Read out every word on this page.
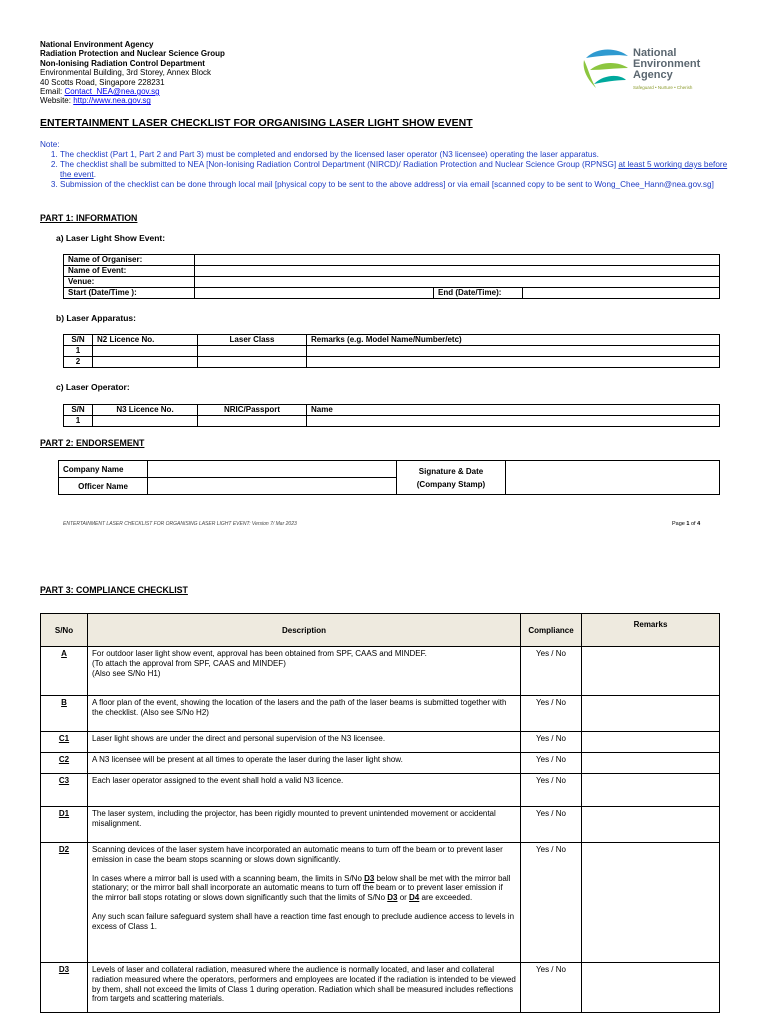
National Environment Agency
Radiation Protection and Nuclear Science Group
Non-Ionising Radiation Control Department
Environmental Building, 3rd Storey, Annex Block
40 Scotts Road, Singapore 228231
Email: Contact_NEA@nea.gov.sg
Website: http://www.nea.gov.sg
National
Environment
Agency
Safeguard • Nurture • Cherish
ENTERTAINMENT LASER CHECKLIST FOR ORGANISING LASER LIGHT SHOW EVENT
Note:
1. The checklist (Part 1, Part 2 and Part 3) must be completed and endorsed by the licensed laser operator (N3 licensee) operating the laser apparatus.
2. The checklist shall be submitted to NEA [Non-Ionising Radiation Control Department (NIRCD)/ Radiation Protection and Nuclear Science Group (RPNSG] at least 5 working days before the event.
3. Submission of the checklist can be done through local mail [physical copy to be sent to the above address] or via email [scanned copy to be sent to Wong_Chee_Hann@nea.gov.sg]
PART 1: INFORMATION
a) Laser Light Show Event:
Name of Organiser:			
Name of Event:			
Venue:			
Start (Date/Time ):		End (Date/Time):	
b) Laser Apparatus:
S/N	N2 Licence No.	Laser Class	Remarks (e.g. Model Name/Number/etc)
1			
2			
c) Laser Operator:
S/N	N3 Licence No.	NRIC/Passport	Name
1			
PART 2: ENDORSEMENT
Company Name		Signature & Date
(Company Stamp)	

Officer Name			
ENTERTAINMENT LASER CHECKLIST FOR ORGANISING LASER LIGHT EVENT: Version 7/ Mar 2023	Page 1 of 4
PART 3: COMPLIANCE CHECKLIST
S/No	Description	Compliance	Remarks
A	For outdoor laser light show event, approval has been obtained from SPF, CAAS and MINDEF.
(To attach the approval from SPF, CAAS and MINDEF)
(Also see S/No H1)	Yes / No	
B	A floor plan of the event, showing the location of the lasers and the path of the laser beams is submitted together with the checklist. (Also see S/No H2)	Yes / No	
C1	Laser light shows are under the direct and personal supervision of the N3 licensee.	Yes / No	
C2	A N3 licensee will be present at all times to operate the laser during the laser light show.	Yes / No	
C3	Each laser operator assigned to the event shall hold a valid N3 licence.	Yes / No	
D1	The laser system, including the projector, has been rigidly mounted to prevent unintended movement or accidental misalignment.	Yes / No	
D2	Scanning devices of the laser system have incorporated an automatic means to turn off the beam or to prevent laser emission in case the beam stops scanning or slows down significantly.

In cases where a mirror ball is used with a scanning beam, the limits in S/No D3 below shall be met with the mirror ball stationary; or the mirror ball shall incorporate an automatic means to turn off the beam or to prevent laser emission if the mirror ball stops rotating or slows down significantly such that the limits of S/No D3 or D4 are exceeded.

Any such scan failure safeguard system shall have a reaction time fast enough to preclude audience access to levels in excess of Class 1.	Yes / No	
D3	Levels of laser and collateral radiation, measured where the audience is normally located, and laser and collateral radiation measured where the operators, performers and employees are located if the radiation is intended to be viewed by them, shall not exceed the limits of Class 1 during operation. Radiation which shall be measured includes reflections from targets and scattering materials.	Yes / No	
